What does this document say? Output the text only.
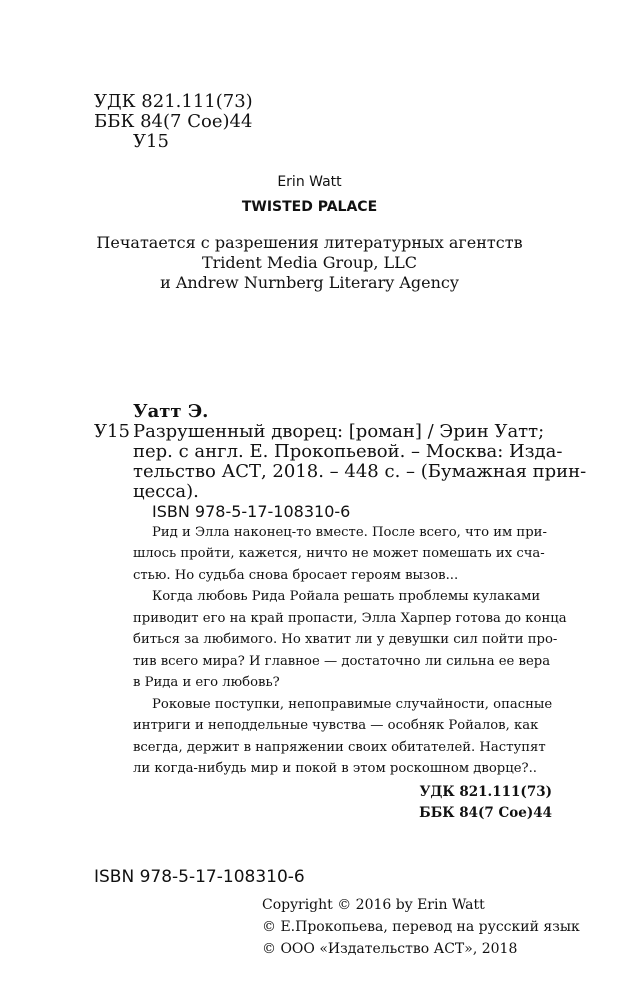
УДК 821.111(73)
ББК 84(7 Сое)44
У15
Erin Watt
TWISTED PALACE
Печатается с разрешения литературных агентств
Trident Media Group, LLC
и Andrew Nurnberg Literary Agency
Уатт Э.
У15 Разрушенный дворец: [роман] / Эрин Уатт;
пер. с англ. Е. Прокопьевой. – Москва: Изда-
тельство АСТ, 2018. – 448 с. – (Бумажная прин-
цесса).
ISBN 978-5-17-108310-6
Рид и Элла наконец-то вместе. После всего, что им при-
шлось пройти, кажется, ничто не может помешать их сча-
стью. Но судьба снова бросает героям вызов...
Когда любовь Рида Ройала решать проблемы кулаками
приводит его на край пропасти, Элла Харпер готова до конца
биться за любимого. Но хватит ли у девушки сил пойти про-
тив всего мира? И главное — достаточно ли сильна ее вера
в Рида и его любовь?
Роковые поступки, непоправимые случайности, опасные
интриги и неподдельные чувства — особняк Ройалов, как
всегда, держит в напряжении своих обитателей. Наступят
ли когда-нибудь мир и покой в этом роскошном дворце?..
УДК 821.111(73)
ББК 84(7 Сое)44
ISBN 978-5-17-108310-6
Copyright © 2016 by Erin Watt
© Е.Прокопьева, перевод на русский язык
© ООО «Издательство АСТ», 2018
